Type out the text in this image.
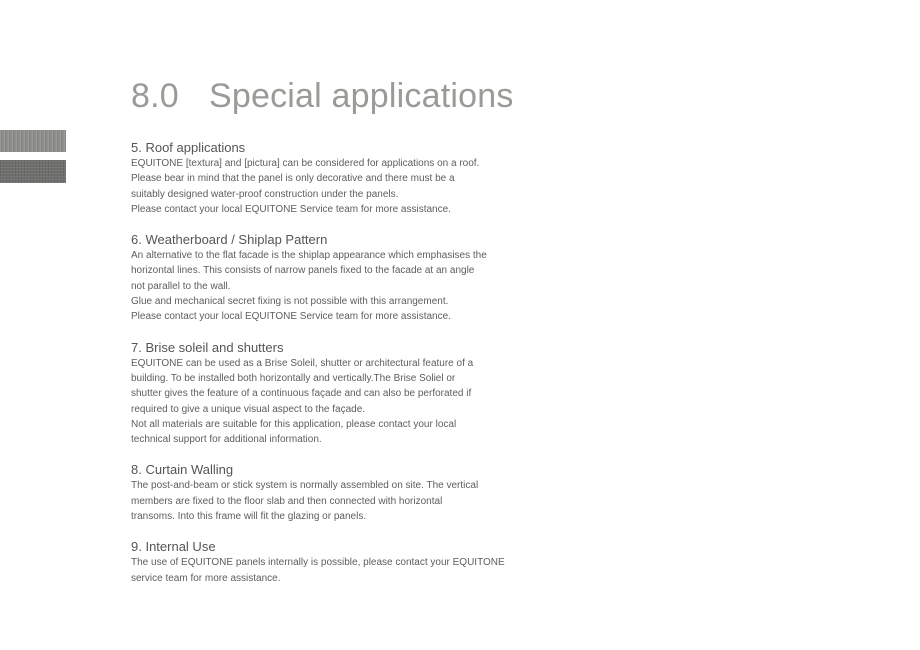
8.0 Special applications
5. Roof applications

EQUITONE [textura] and [pictura] can be considered for applications on a roof.
Please bear in mind that the panel is only decorative and there must be a
suitably designed water-proof construction under the panels.
Please contact your local EQUITONE Service team for more assistance.

6. Weatherboard / Shiplap Pattern

An alternative to the flat facade is the shiplap appearance which emphasises the
horizontal lines. This consists of narrow panels fixed to the facade at an angle
not parallel to the wall.
Glue and mechanical secret fixing is not possible with this arrangement.
Please contact your local EQUITONE Service team for more assistance.

7. Brise soleil and shutters

EQUITONE can be used as a Brise Soleil, shutter or architectural feature of a
building. To be installed both horizontally and vertically.The Brise Soliel or
shutter gives the feature of a continuous façade and can also be perforated if
required to give a unique visual aspect to the façade.
Not all materials are suitable for this application, please contact your local
technical support for additional information.

8. Curtain Walling

The post-and-beam or stick system is normally assembled on site. The vertical
members are fixed to the floor slab and then connected with horizontal
transoms. Into this frame will fit the glazing or panels.

9. Internal Use

The use of EQUITONE panels internally is possible, please contact your EQUITONE
service team for more assistance.
